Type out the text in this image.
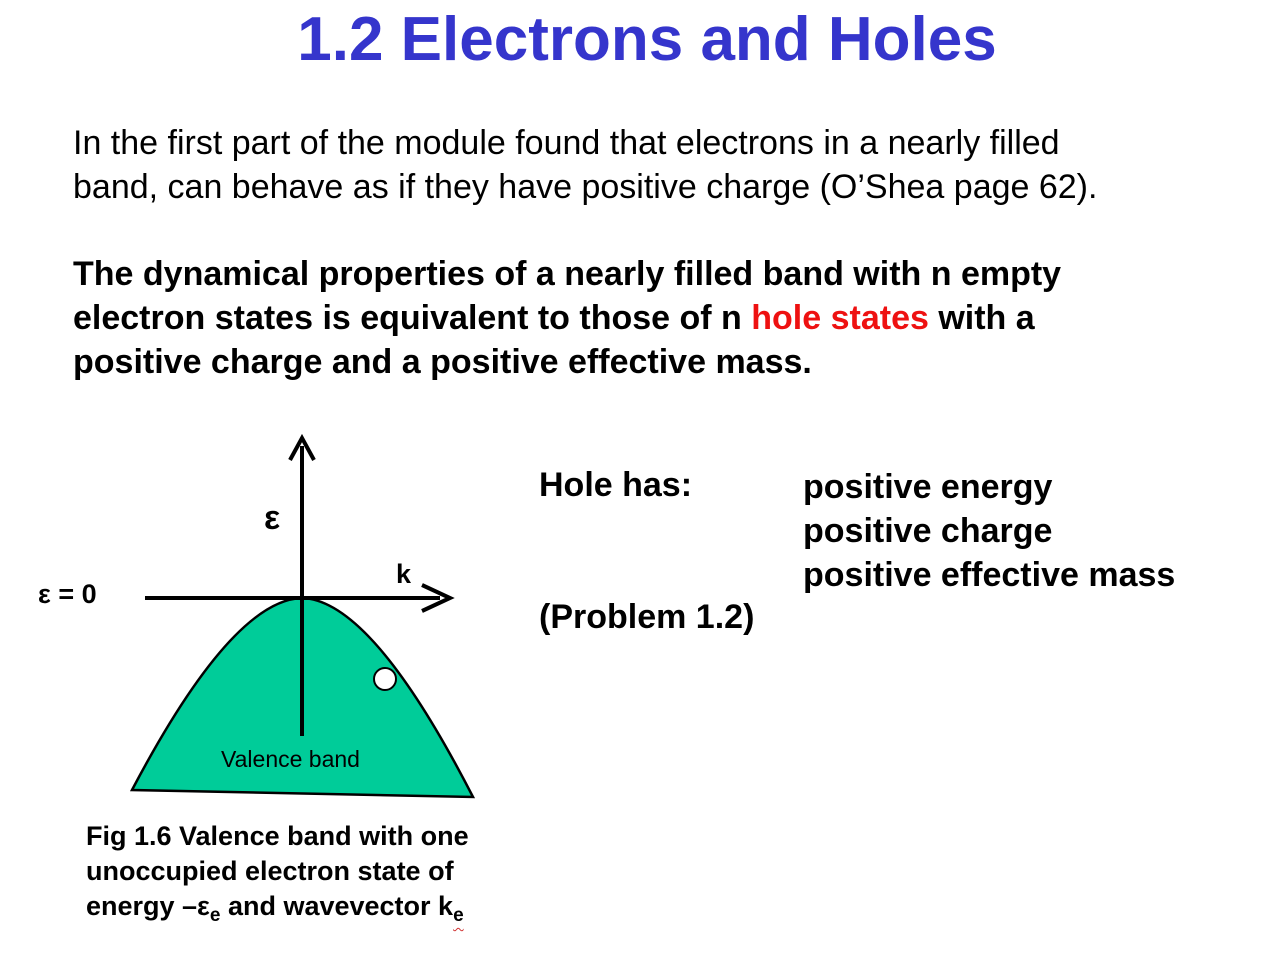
1.2 Electrons and Holes

In the first part of the module found that electrons in a nearly filled
band, can behave as if they have positive charge (O’Shea page 62).

The dynamical properties of a nearly filled band with n empty
electron states is equivalent to those of n hole states with a
positive charge and a positive effective mass.

ε = 0
ε
k
Valence band
Fig 1.6 Valence band with one
unoccupied electron state of
energy $-\varepsilon_e$ and wavevector $k_e$
Hole has:	positive energy
positive charge
positive effective mass
(Problem 1.2)
